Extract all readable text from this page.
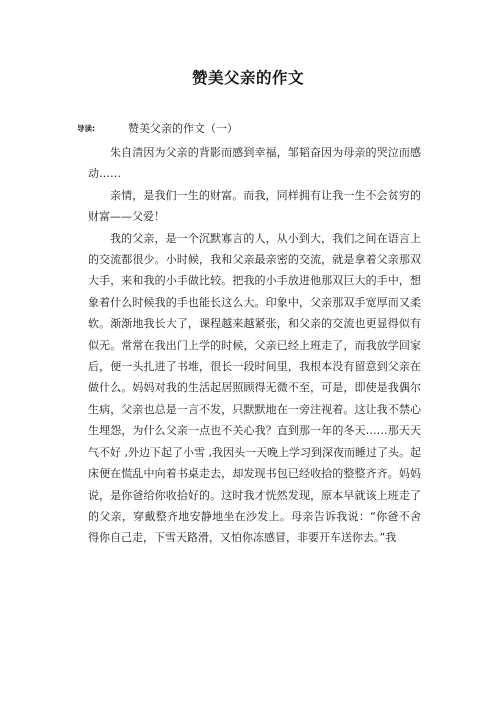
赞美父亲的作文
导读:	赞美父亲的作文（一）

朱自清因为父亲的背影而感到幸福，邹韬奋因为母亲的哭泣而感动……

亲情，是我们一生的财富。而我，同样拥有让我一生不会贫穷的财富——父爱！

我的父亲，是一个沉默寡言的人，从小到大，我们之间在语言上的交流都很少。小时候，我和父亲最亲密的交流，就是拿着父亲那双大手，来和我的小手做比较。把我的小手放进他那双巨大的手中，想象着什么时候我的手也能长这么大。印象中，父亲那双手宽厚而又柔软。渐渐地我长大了，课程越来越紧张，和父亲的交流也更显得似有似无。常常在我出门上学的时候，父亲已经上班走了，而我放学回家后，便一头扎进了书堆，很长一段时间里，我根本没有留意到父亲在做什么。妈妈对我的生活起居照顾得无微不至，可是，即使是我偶尔生病，父亲也总是一言不发，只默默地在一旁注视着。这让我不禁心生埋怨，为什么父亲一点也不关心我？直到那一年的冬天……那天天气不好 ,外边下起了小雪 ,我因头一天晚上学习到深夜而睡过了头。起床便在慌乱中向着书桌走去，却发现书包已经收拾的整整齐齐。妈妈说，是你爸给你收拾好的。这时我才恍然发现，原本早就该上班走了的父亲，穿戴整齐地安静地坐在沙发上。母亲告诉我说：“你爸不舍得你自己走，下雪天路滑，又怕你冻感冒，非要开车送你去。”我
